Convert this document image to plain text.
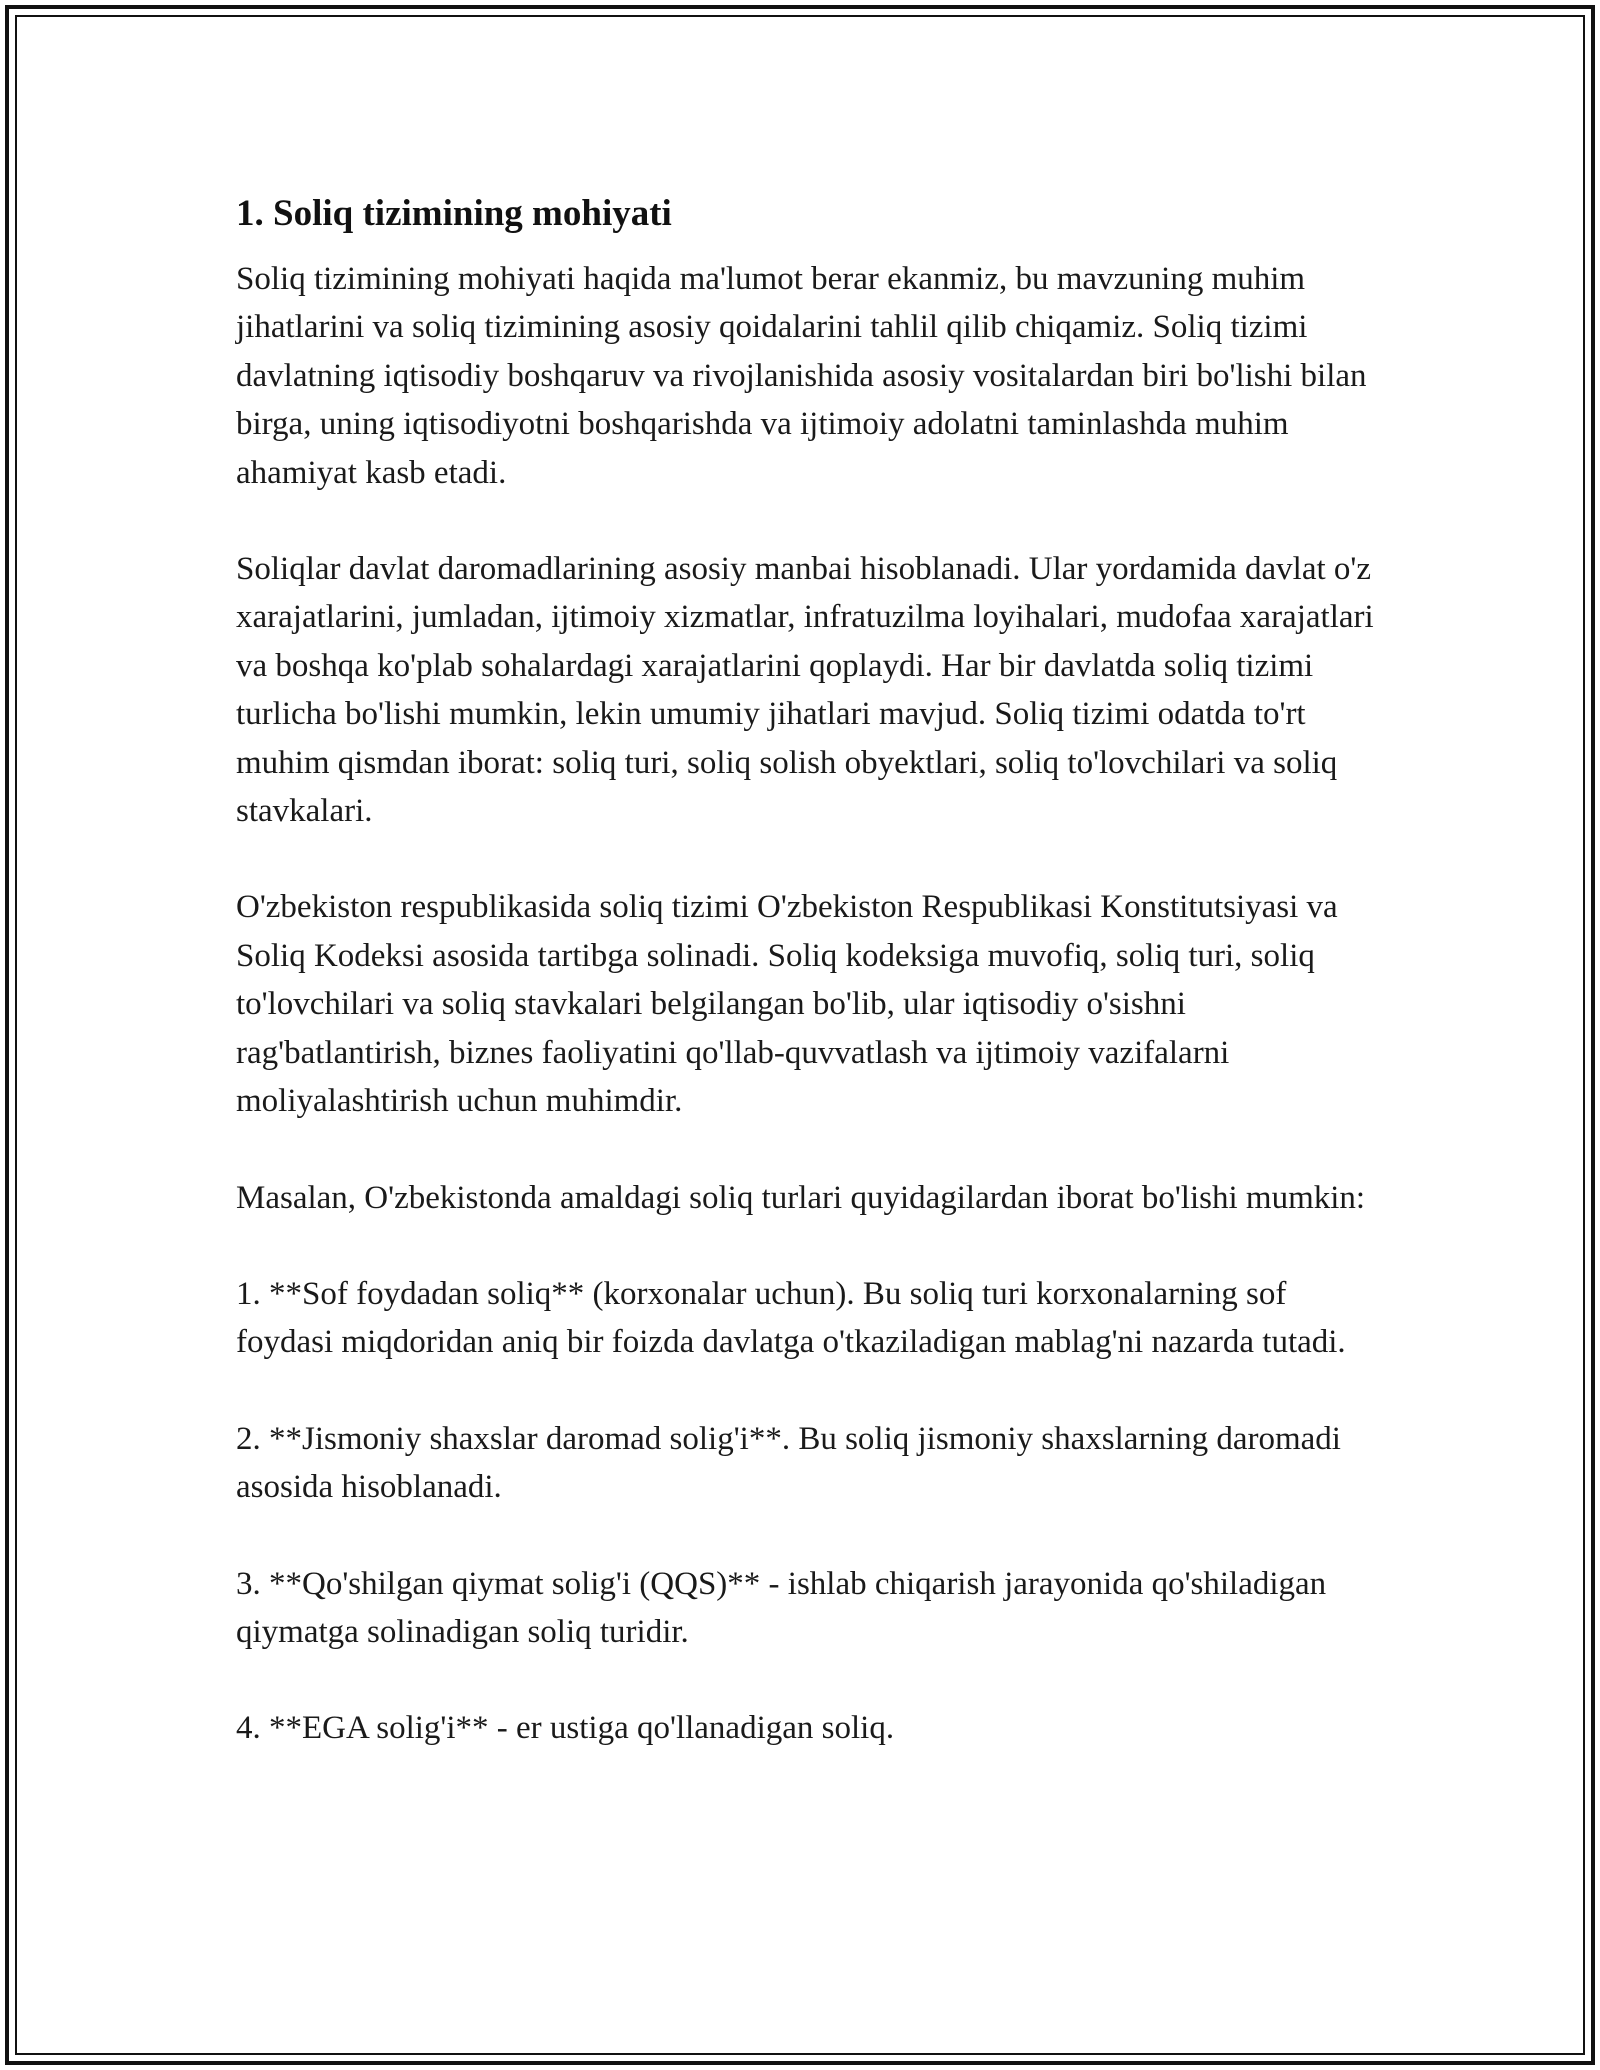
1. Soliq tizimining mohiyati

Soliq tizimining mohiyati haqida ma'lumot berar ekanmiz, bu mavzuning muhim jihatlarini va soliq tizimining asosiy qoidalarini tahlil qilib chiqamiz. Soliq tizimi davlatning iqtisodiy boshqaruv va rivojlanishida asosiy vositalardan biri bo'lishi bilan birga, uning iqtisodiyotni boshqarishda va ijtimoiy adolatni taminlashda muhim ahamiyat kasb etadi.

Soliqlar davlat daromadlarining asosiy manbai hisoblanadi. Ular yordamida davlat o'z xarajatlarini, jumladan, ijtimoiy xizmatlar, infratuzilma loyihalari, mudofaa xarajatlari va boshqa ko'plab sohalardagi xarajatlarini qoplaydi. Har bir davlatda soliq tizimi turlicha bo'lishi mumkin, lekin umumiy jihatlari mavjud. Soliq tizimi odatda to'rt muhim qismdan iborat: soliq turi, soliq solish obyektlari, soliq to'lovchilari va soliq stavkalari.

O'zbekiston respublikasida soliq tizimi O'zbekiston Respublikasi Konstitutsiyasi va Soliq Kodeksi asosida tartibga solinadi. Soliq kodeksiga muvofiq, soliq turi, soliq to'lovchilari va soliq stavkalari belgilangan bo'lib, ular iqtisodiy o'sishni rag'batlantirish, biznes faoliyatini qo'llab-quvvatlash va ijtimoiy vazifalarni moliyalashtirish uchun muhimdir.

Masalan, O'zbekistonda amaldagi soliq turlari quyidagilardan iborat bo'lishi mumkin:

1. **Sof foydadan soliq** (korxonalar uchun). Bu soliq turi korxonalarning sof foydasi miqdoridan aniq bir foizda davlatga o'tkaziladigan mablag'ni nazarda tutadi.

2. **Jismoniy shaxslar daromad solig'i**. Bu soliq jismoniy shaxslarning daromadi asosida hisoblanadi.

3. **Qo'shilgan qiymat solig'i (QQS)** - ishlab chiqarish jarayonida qo'shiladigan qiymatga solinadigan soliq turidir.

4. **EGA solig'i** - er ustiga qo'llanadigan soliq.
